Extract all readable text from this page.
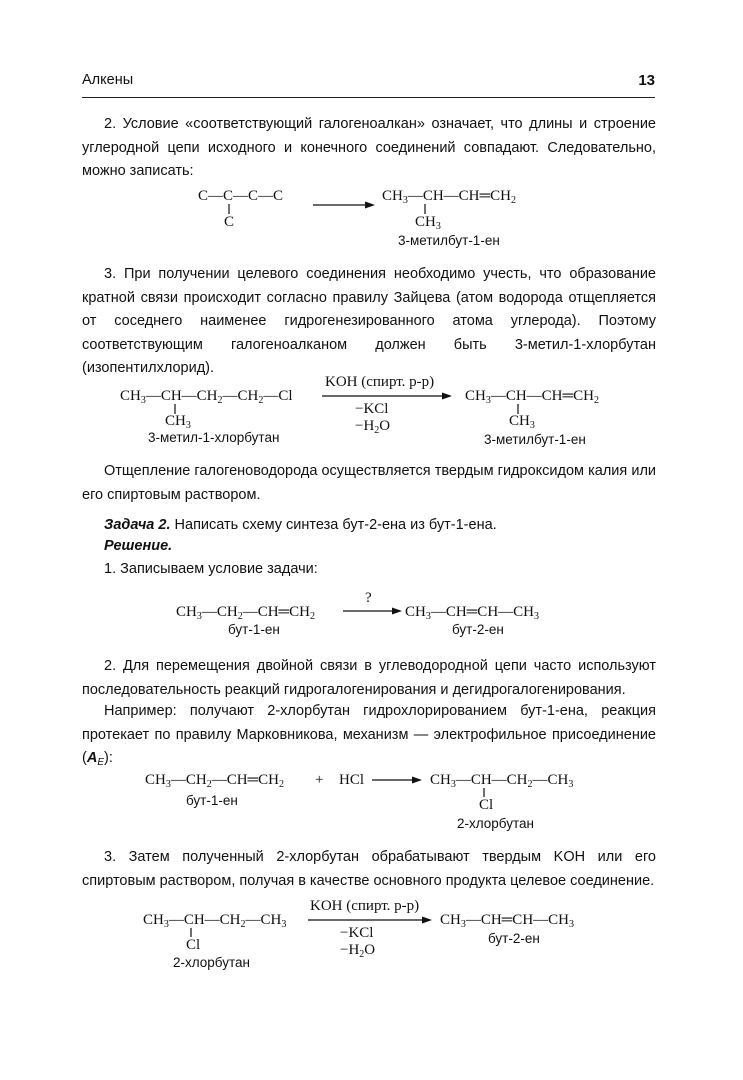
Алкены	13

2. Условие «соответствующий галогеноалкан» означает, что длины и строение углеродной цепи исходного и конечного соединений совпадают. Следовательно, можно записать:

C—C—C—C
C
$CH_3—CH—CH═CH_2$
$CH_3$
3-метилбут-1-ен

3. При получении целевого соединения необходимо учесть, что образование кратной связи происходит согласно правилу Зайцева (атом водорода отщепляется от соседнего наименее гидрогенезированного атома углерода). Поэтому соответствующим галогеноалканом должен быть 3-метил-1-хлорбутан (изопентилхлорид).

$CH_3—CH—CH_2—CH_2—Cl$
$CH_3$
3-метил-1-хлорбутан
KOH (спирт. р-р)
−KCl
$-H_2O$
$CH_3—CH—CH═CH_2$
$CH_3$
3-метилбут-1-ен

Отщепление галогеноводорода осуществляется твердым гидроксидом калия или его спиртовым раствором.

Задача 2. Написать схему синтеза бут-2-ена из бут-1-ена.

Решение.

1. Записываем условие задачи:

$CH_3—CH_2—CH═CH_2$
бут-1-ен
?
$CH_3—CH═CH—CH_3$
бут-2-ен

2. Для перемещения двойной связи в углеводородной цепи часто используют последовательность реакций гидрогалогенирования и дегидрогалогенирования.

Например: получают 2-хлорбутан гидрохлорированием бут-1-ена, реакция протекает по правилу Марковникова, механизм — электрофильное присоединение $(A_E)$:

$CH_3—CH_2—CH═CH_2$
бут-1-ен
+ HCl	$CH_3—CH—CH_2—CH_3$
Cl
2-хлорбутан

3. Затем полученный 2-хлорбутан обрабатывают твердым KOH или его спиртовым раствором, получая в качестве основного продукта целевое соединение.

$CH_3—CH—CH_2—CH_3$
Cl
2-хлорбутан
KOH (спирт. р-р)
−KCl
$-H_2O$
$CH_3—CH═CH—CH_3$
бут-2-ен
